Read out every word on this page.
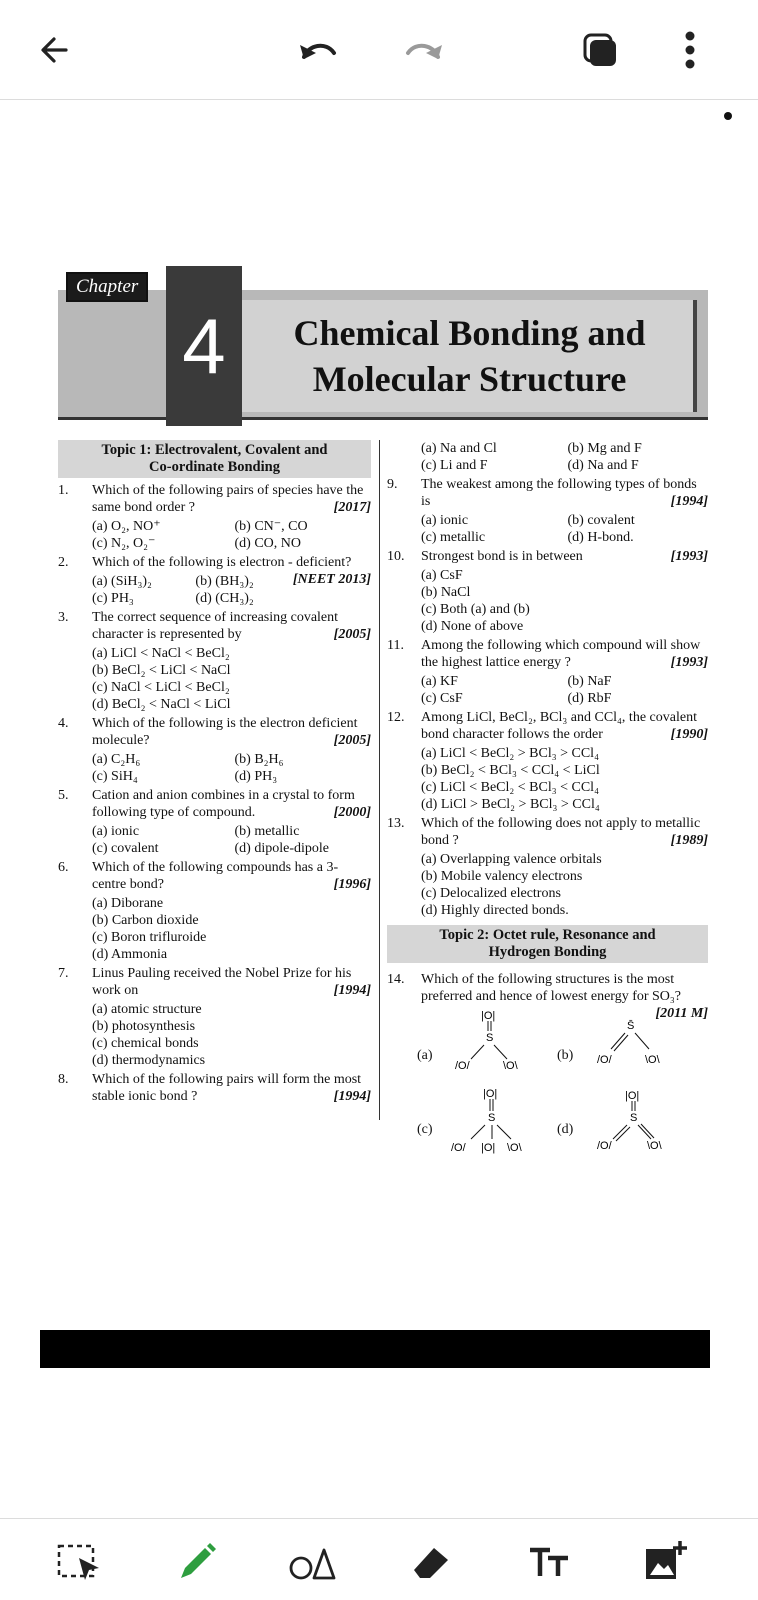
Chapter
4 Chemical Bonding and
Molecular Structure
Topic 1: Electrovalent, Covalent and
Co-ordinate Bonding
1. Which of the following pairs of species have the same bond order ?	[2017]
(a) O₂, NO⁺	(b) CN⁻, CO
(c) N₂, O₂⁻	(d) CO, NO
2. Which of the following is electron - deficient?
[NEET 2013]
(a) (SiH₃)₂	(b) (BH₃)₂
(c) PH₃	(d) (CH₃)₂
3. The correct sequence of increasing covalent character is represented by	[2005]
(a) LiCl < NaCl < BeCl₂
(b) BeCl₂ < LiCl < NaCl
(c) NaCl < LiCl < BeCl₂
(d) BeCl₂ < NaCl < LiCl
4. Which of the following is the electron deficient molecule?	[2005]
(a) C₂H₆	(b) B₂H₆
(c) SiH₄	(d) PH₃
5. Cation and anion combines in a crystal to form following type of compound.	[2000]
(a) ionic	(b) metallic
(c) covalent	(d) dipole-dipole
6. Which of the following compounds has a 3-centre bond?	[1996]
(a) Diborane
(b) Carbon dioxide
(c) Boron trifluroide
(d) Ammonia
7. Linus Pauling received the Nobel Prize for his work on	[1994]
(a) atomic structure
(b) photosynthesis
(c) chemical bonds
(d) thermodynamics
8. Which of the following pairs will form the most stable ionic bond ?	[1994]
(a) Na and Cl	(b) Mg and F
(c) Li and F	(d) Na and F
9. The weakest among the following types of bonds is	[1994]
(a) ionic	(b) covalent
(c) metallic	(d) H-bond.
10. Strongest bond is in between	[1993]
(a) CsF
(b) NaCl
(c) Both (a) and (b)
(d) None of above
11. Among the following which compound will show the highest lattice energy ?	[1993]
(a) KF	(b) NaF
(c) CsF	(d) RbF
12. Among LiCl, BeCl₂, BCl₃ and CCl₄, the covalent bond character follows the order	[1990]
(a) LiCl < BeCl₂ > BCl₃ > CCl₄
(b) BeCl₂ < BCl₃ < CCl₄ < LiCl
(c) LiCl < BeCl₂ < BCl₃ < CCl₄
(d) LiCl > BeCl₂ > BCl₃ > CCl₄
13. Which of the following does not apply to metallic bond ?	[1989]
(a) Overlapping valence orbitals
(b) Mobile valency electrons
(c) Delocalized electrons
(d) Highly directed bonds.
Topic 2: Octet rule, Resonance and
Hydrogen Bonding
14. Which of the following structures is the most preferred and hence of lowest energy for SO₃?
[2011 M]
(a)
|O|
S
/O/	\O\
(b)
S̄
/O/	\O\
(c)
|O|
S
/O/ |O| \O\
(d)
|O|
S
/O/	\O\
